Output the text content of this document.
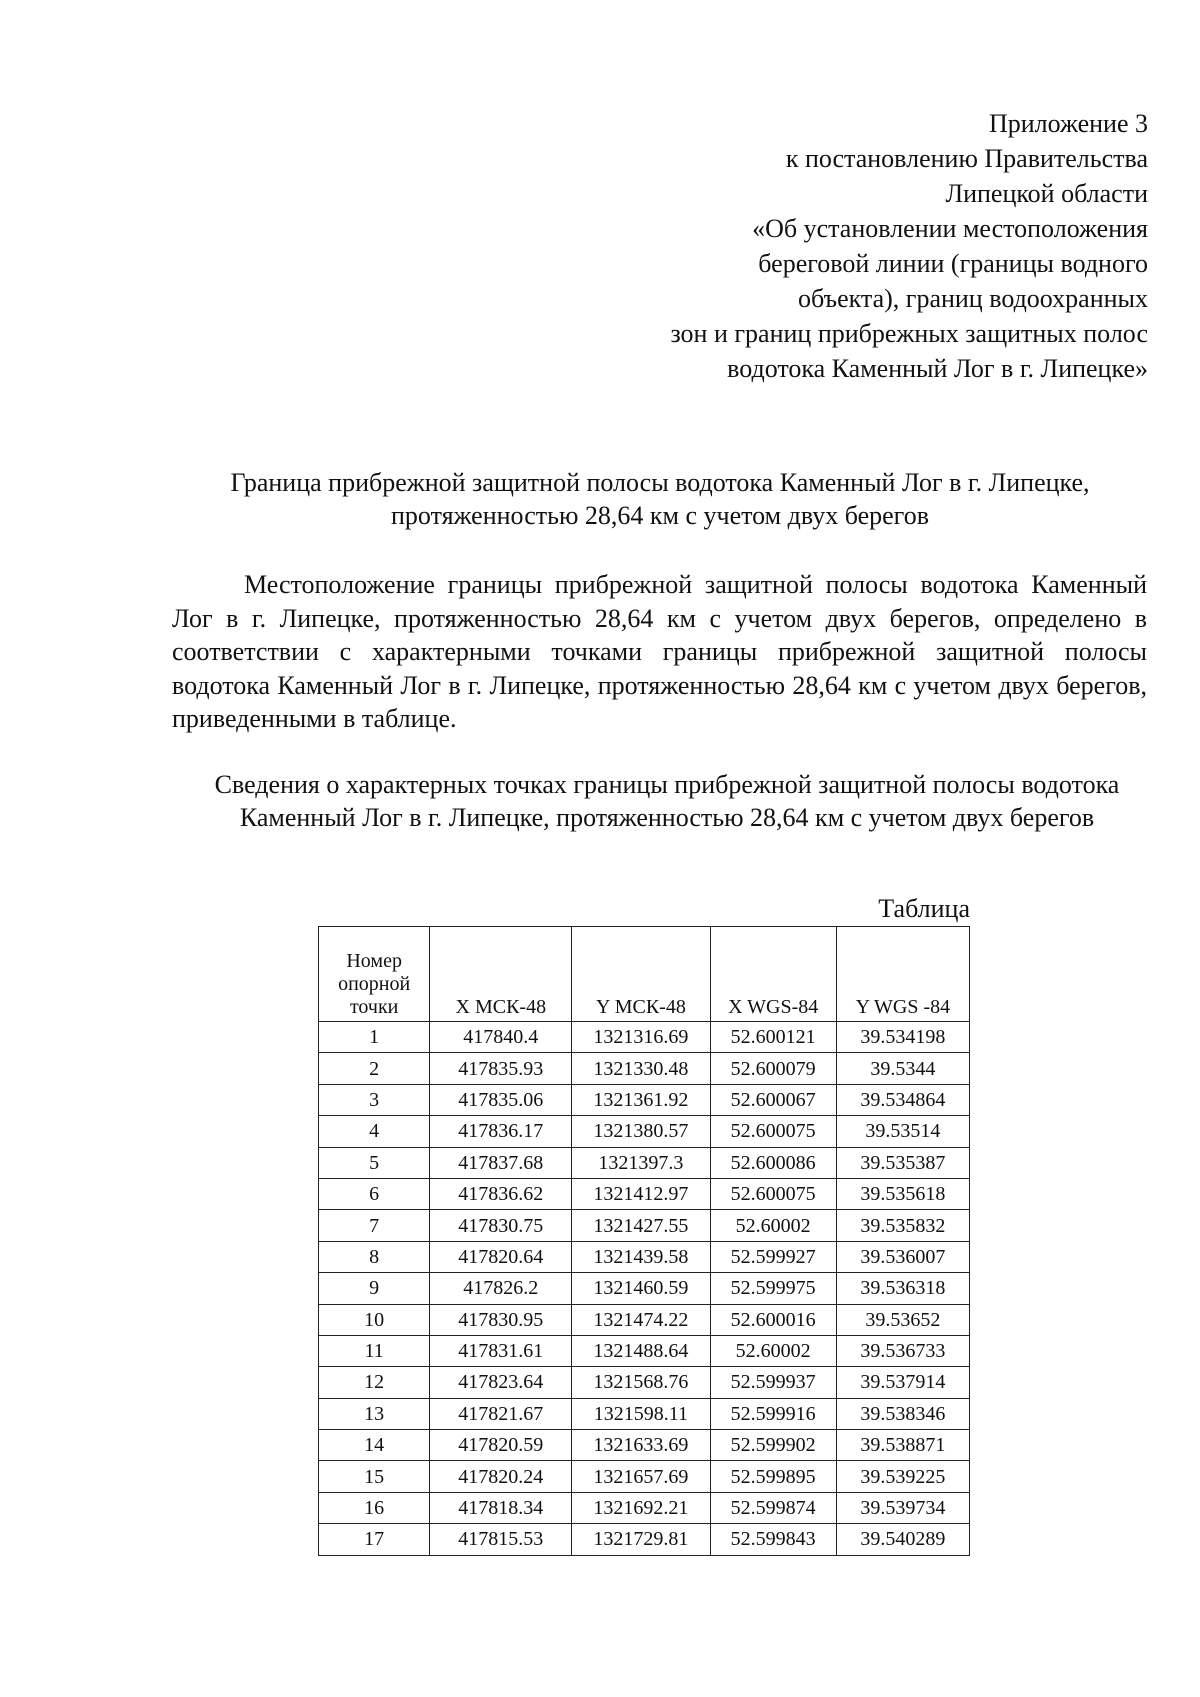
Приложение 3
к постановлению Правительства
Липецкой области
«Об установлении местоположения
береговой линии (границы водного
объекта), границ водоохранных
зон и границ прибрежных защитных полос
водотока Каменный Лог в г. Липецке»
Граница прибрежной защитной полосы водотока Каменный Лог в г. Липецке,
протяженностью 28,64 км с учетом двух берегов
Местоположение границы прибрежной защитной полосы водотока Каменный Лог в г. Липецке, протяженностью 28,64 км с учетом двух берегов, определено в соответствии с характерными точками границы прибрежной защитной полосы водотока Каменный Лог в г. Липецке, протяженностью 28,64 км с учетом двух берегов, приведенными в таблице.
Сведения о характерных точках границы прибрежной защитной полосы водотока Каменный Лог в г. Липецке, протяженностью 28,64 км с учетом двух берегов
Таблица
Номер опорной точки	X МСК-48	Y МСК-48	X WGS-84	Y WGS -84
1	417840.4	1321316.69	52.600121	39.534198
2	417835.93	1321330.48	52.600079	39.5344
3	417835.06	1321361.92	52.600067	39.534864
4	417836.17	1321380.57	52.600075	39.53514
5	417837.68	1321397.3	52.600086	39.535387
6	417836.62	1321412.97	52.600075	39.535618
7	417830.75	1321427.55	52.60002	39.535832
8	417820.64	1321439.58	52.599927	39.536007
9	417826.2	1321460.59	52.599975	39.536318
10	417830.95	1321474.22	52.600016	39.53652
11	417831.61	1321488.64	52.60002	39.536733
12	417823.64	1321568.76	52.599937	39.537914
13	417821.67	1321598.11	52.599916	39.538346
14	417820.59	1321633.69	52.599902	39.538871
15	417820.24	1321657.69	52.599895	39.539225
16	417818.34	1321692.21	52.599874	39.539734
17	417815.53	1321729.81	52.599843	39.540289
